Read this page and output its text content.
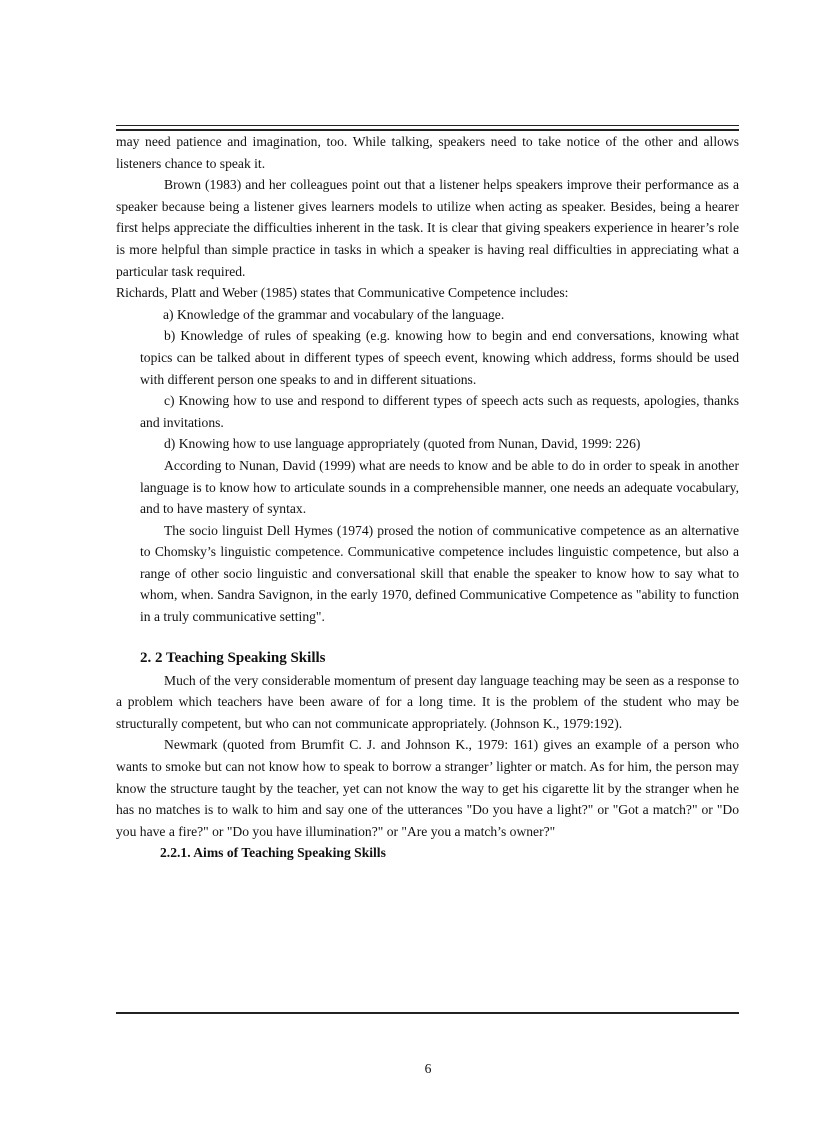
may need patience and imagination, too. While talking, speakers need to take notice of the other and allows listeners chance to speak it.

Brown (1983) and her colleagues point out that a listener helps speakers improve their performance as a speaker because being a listener gives learners models to utilize when acting as speaker. Besides, being a hearer first helps appreciate the difficulties inherent in the task. It is clear that giving speakers experience in hearer’s role is more helpful than simple practice in tasks in which a speaker is having real difficulties in appreciating what a particular task required.

Richards, Platt and Weber (1985) states that Communicative Competence includes:

a) Knowledge of the grammar and vocabulary of the language.

b) Knowledge of rules of speaking (e.g. knowing how to begin and end conversations, knowing what topics can be talked about in different types of speech event, knowing which address, forms should be used with different person one speaks to and in different situations.

c) Knowing how to use and respond to different types of speech acts such as requests, apologies, thanks and invitations.

d) Knowing how to use language appropriately (quoted from Nunan, David, 1999: 226)

According to Nunan, David (1999) what are needs to know and be able to do in order to speak in another language is to know how to articulate sounds in a comprehensible manner, one needs an adequate vocabulary, and to have mastery of syntax.

The socio linguist Dell Hymes (1974) prosed the notion of communicative competence as an alternative to Chomsky’s linguistic competence. Communicative competence includes linguistic competence, but also a range of other socio linguistic and conversational skill that enable the speaker to know how to say what to whom, when. Sandra Savignon, in the early 1970, defined Communicative Competence as "ability to function in a truly communicative setting".

2. 2 Teaching Speaking Skills

Much of the very considerable momentum of present day language teaching may be seen as a response to a problem which teachers have been aware of for a long time. It is the problem of the student who may be structurally competent, but who can not communicate appropriately. (Johnson K., 1979:192).

Newmark (quoted from Brumfit C. J. and Johnson K., 1979: 161) gives an example of a person who wants to smoke but can not know how to speak to borrow a stranger’ lighter or match. As for him, the person may know the structure taught by the teacher, yet can not know the way to get his cigarette lit by the stranger when he has no matches is to walk to him and say one of the utterances "Do you have a light?" or "Got a match?" or "Do you have a fire?" or "Do you have illumination?" or "Are you a match’s owner?"

2.2.1. Aims of Teaching Speaking Skills
6
